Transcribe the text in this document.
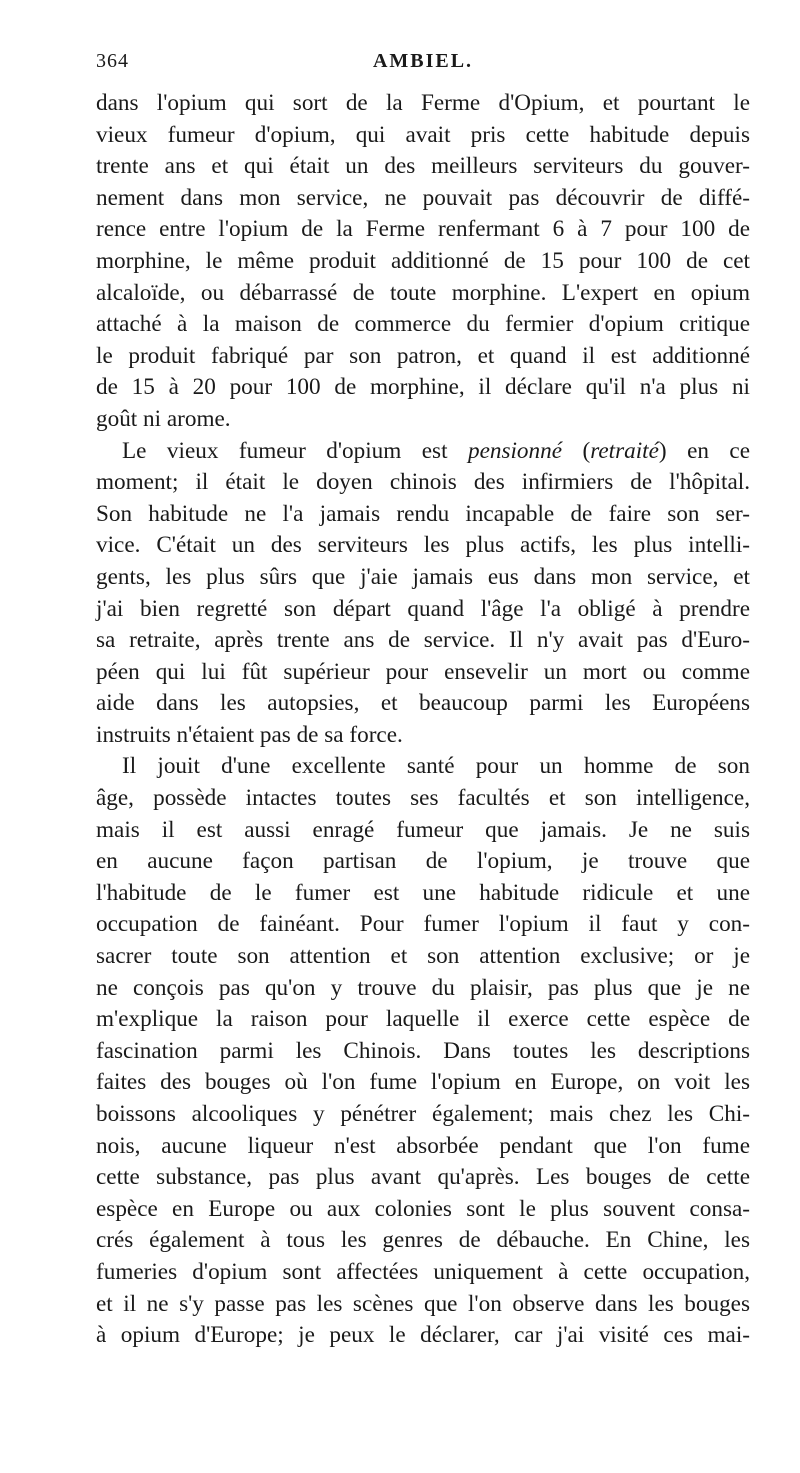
364	AMBIEL.
dans l'opium qui sort de la Ferme d'Opium, et pourtant le
vieux fumeur d'opium, qui avait pris cette habitude depuis
trente ans et qui était un des meilleurs serviteurs du gouver-
nement dans mon service, ne pouvait pas découvrir de diffé-
rence entre l'opium de la Ferme renfermant 6 à 7 pour 100 de
morphine, le même produit additionné de 15 pour 100 de cet
alcaloïde, ou débarrassé de toute morphine. L'expert en opium
attaché à la maison de commerce du fermier d'opium critique
le produit fabriqué par son patron, et quand il est additionné
de 15 à 20 pour 100 de morphine, il déclare qu'il n'a plus ni
goût ni arome.
Le vieux fumeur d'opium est pensionné (retraité) en ce
moment; il était le doyen chinois des infirmiers de l'hôpital.
Son habitude ne l'a jamais rendu incapable de faire son ser-
vice. C'était un des serviteurs les plus actifs, les plus intelli-
gents, les plus sûrs que j'aie jamais eus dans mon service, et
j'ai bien regretté son départ quand l'âge l'a obligé à prendre
sa retraite, après trente ans de service. Il n'y avait pas d'Euro-
péen qui lui fût supérieur pour ensevelir un mort ou comme
aide dans les autopsies, et beaucoup parmi les Européens
instruits n'étaient pas de sa force.
Il jouit d'une excellente santé pour un homme de son
âge, possède intactes toutes ses facultés et son intelligence,
mais il est aussi enragé fumeur que jamais. Je ne suis
en aucune façon partisan de l'opium, je trouve que
l'habitude de le fumer est une habitude ridicule et une
occupation de fainéant. Pour fumer l'opium il faut y con-
sacrer toute son attention et son attention exclusive; or je
ne conçois pas qu'on y trouve du plaisir, pas plus que je ne
m'explique la raison pour laquelle il exerce cette espèce de
fascination parmi les Chinois. Dans toutes les descriptions
faites des bouges où l'on fume l'opium en Europe, on voit les
boissons alcooliques y pénétrer également; mais chez les Chi-
nois, aucune liqueur n'est absorbée pendant que l'on fume
cette substance, pas plus avant qu'après. Les bouges de cette
espèce en Europe ou aux colonies sont le plus souvent consa-
crés également à tous les genres de débauche. En Chine, les
fumeries d'opium sont affectées uniquement à cette occupation,
et il ne s'y passe pas les scènes que l'on observe dans les bouges
à opium d'Europe; je peux le déclarer, car j'ai visité ces mai-
